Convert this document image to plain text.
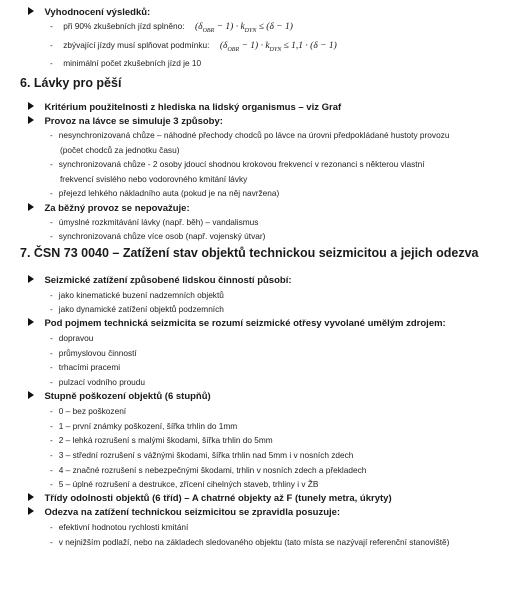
Vyhodnocení výsledků:
- při 90% zkušebních jízd splněno: $(\delta_{OBR} - 1) \cdot k_{DYN} \le (\delta - 1)$
- zbývající jízdy musí splňovat podmínku: $(\delta_{OBR} - 1) \cdot k_{DYN} \le 1,1 \cdot (\delta - 1)$
- minimální počet zkušebních jízd je 10
6. Lávky pro pěší
Kritérium použitelnosti z hlediska na lidský organismus – viz Graf
Provoz na lávce se simuluje 3 způsoby:
- nesynchronizovaná chůze – náhodné přechody chodců po lávce na úrovni předpokládané hustoty provozu
(počet chodců za jednotku času)
- synchronizovaná chůze - 2 osoby jdoucí shodnou krokovou frekvencí v rezonanci s některou vlastní
frekvencí svislého nebo vodorovného kmitání lávky
- přejezd lehkého nákladního auta (pokud je na něj navržena)
Za běžný provoz se nepovažuje:
- úmyslné rozkmitávání lávky (např. běh) – vandalismus
- synchronizovaná chůze více osob (např. vojenský útvar)
7. ČSN 73 0040 – Zatížení stav objektů technickou seizmicitou a jejich odezva
Seizmické zatížení způsobené lidskou činností působí:
- jako kinematické buzení nadzemních objektů
- jako dynamické zatížení objektů podzemních
Pod pojmem technická seizmicita se rozumí seizmické otřesy vyvolané umělým zdrojem:
- dopravou
- průmyslovou činností
- trhacími pracemi
- pulzací vodního proudu
Stupně poškození objektů (6 stupňů)
- 0 – bez poškození
- 1 – první známky poškození, šířka trhlin do 1mm
- 2 – lehká rozrušení s malými škodami, šířka trhlin do 5mm
- 3 – střední rozrušení s vážnými škodami, šířka trhlin nad 5mm i v nosních zdech
- 4 – značné rozrušení s nebezpečnými škodami, trhlin v nosních zdech a překladech
- 5 – úplné rozrušení a destrukce, zřícení cihelných staveb, trhliny i v ŽB
Třídy odolnosti objektů (6 tříd) – A chatrné objekty až F (tunely metra, úkryty)
Odezva na zatížení technickou seizmicitou se zpravidla posuzuje:
- efektivní hodnotou rychlosti kmitání
- v nejnižším podlaží, nebo na základech sledovaného objektu (tato místa se nazývají referenční stanoviště)
